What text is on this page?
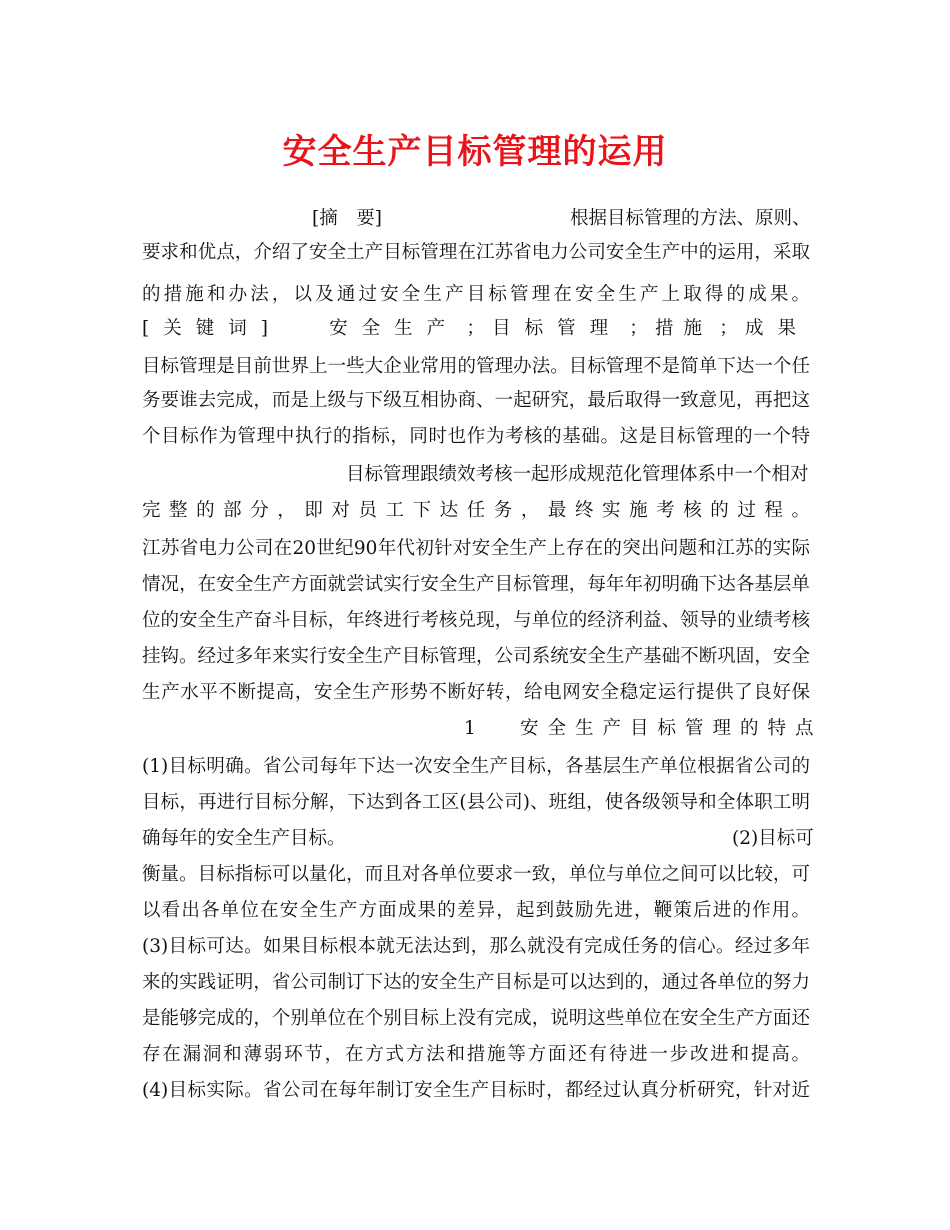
安全生产目标管理的运用
[摘　要]	根据目标管理的方法、原则、
要求和优点，介绍了安全土产目标管理在江苏省电力公司安全生产中的运用，采取
的措施和办法，以及通过安全生产目标管理在安全生产上取得的成果。
[关键词]	安全生产 ； 目标管理 ； 措施 ； 成果
目标管理是目前世界上一些大企业常用的管理办法。目标管理不是简单下达一个任
务要谁去完成，而是上级与下级互相协商、一起研究，最后取得一致意见，再把这
个目标作为管理中执行的指标，同时也作为考核的基础。这是目标管理的一个特
目标管理跟绩效考核一起形成规范化管理体系中一个相对
完整的部分，即对员工下达任务，最终实施考核的过程。
江苏省电力公司在20世纪90年代初针对安全生产上存在的突出问题和江苏的实际
情况，在安全生产方面就尝试实行安全生产目标管理，每年年初明确下达各基层单
位的安全生产奋斗目标，年终进行考核兑现，与单位的经济利益、领导的业绩考核
挂钩。经过多年来实行安全生产目标管理，公司系统安全生产基础不断巩固，安全
生产水平不断提高，安全生产形势不断好转，给电网安全稳定运行提供了良好保
1 安全生产目标管理的特点
(1)目标明确。省公司每年下达一次安全生产目标，各基层生产单位根据省公司的
目标，再进行目标分解，下达到各工区(县公司)、班组，使各级领导和全体职工明
确每年的安全生产目标。	(2)目标可
衡量。目标指标可以量化，而且对各单位要求一致，单位与单位之间可以比较，可
以看出各单位在安全生产方面成果的差异，起到鼓励先进，鞭策后进的作用。
(3)目标可达。如果目标根本就无法达到，那么就没有完成任务的信心。经过多年
来的实践证明，省公司制订下达的安全生产目标是可以达到的，通过各单位的努力
是能够完成的，个别单位在个别目标上没有完成，说明这些单位在安全生产方面还
存在漏洞和薄弱环节，在方式方法和措施等方面还有待进一步改进和提高。
(4)目标实际。省公司在每年制订安全生产目标时，都经过认真分析研究，针对近
